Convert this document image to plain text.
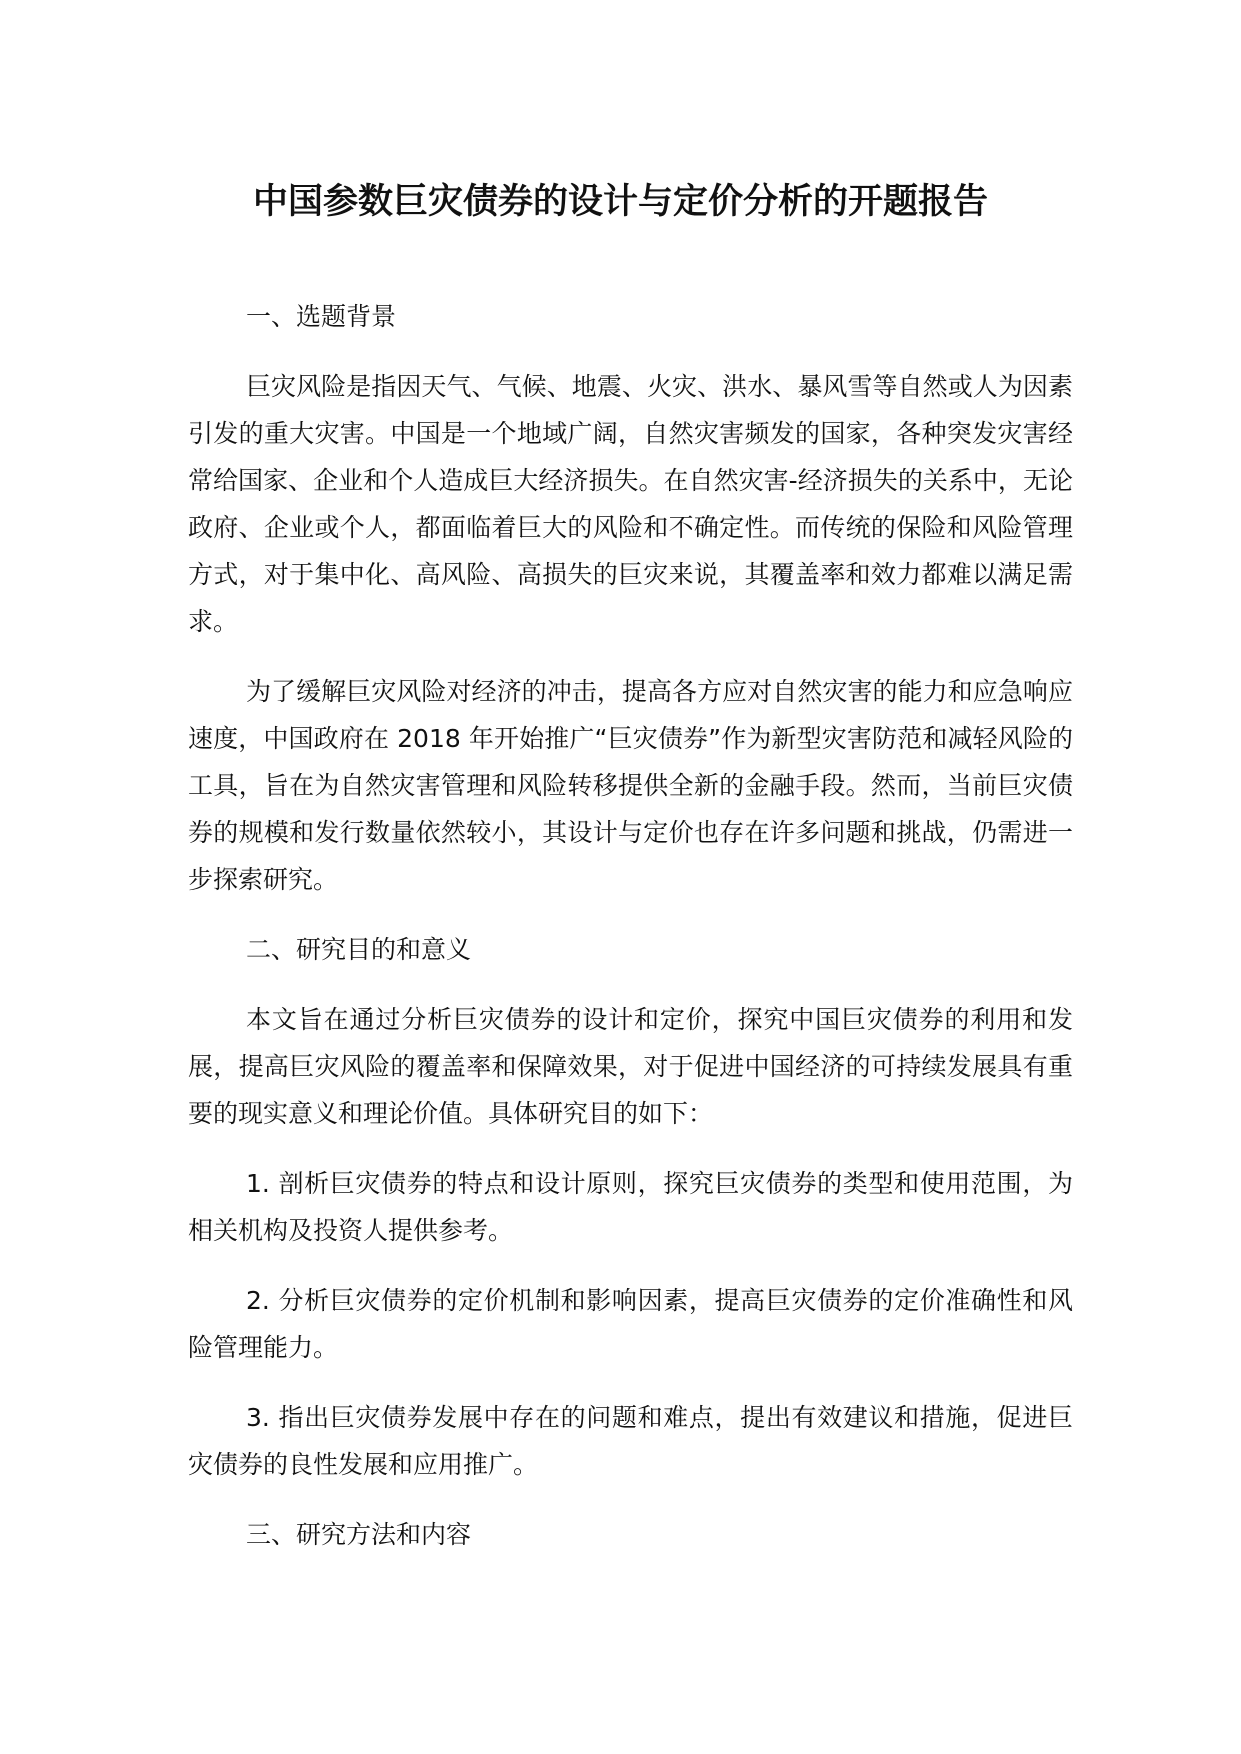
中国参数巨灾债券的设计与定价分析的开题报告

一、选题背景

巨灾风险是指因天气、气候、地震、火灾、洪水、暴风雪等自然或人为因素引发的重大灾害。中国是一个地域广阔，自然灾害频发的国家，各种突发灾害经常给国家、企业和个人造成巨大经济损失。在自然灾害-经济损失的关系中，无论政府、企业或个人，都面临着巨大的风险和不确定性。而传统的保险和风险管理方式，对于集中化、高风险、高损失的巨灾来说，其覆盖率和效力都难以满足需求。

为了缓解巨灾风险对经济的冲击，提高各方应对自然灾害的能力和应急响应速度，中国政府在 2018 年开始推广“巨灾债券”作为新型灾害防范和减轻风险的工具，旨在为自然灾害管理和风险转移提供全新的金融手段。然而，当前巨灾债券的规模和发行数量依然较小，其设计与定价也存在许多问题和挑战，仍需进一步探索研究。

二、研究目的和意义

本文旨在通过分析巨灾债券的设计和定价，探究中国巨灾债券的利用和发展，提高巨灾风险的覆盖率和保障效果，对于促进中国经济的可持续发展具有重要的现实意义和理论价值。具体研究目的如下：

1. 剖析巨灾债券的特点和设计原则，探究巨灾债券的类型和使用范围，为相关机构及投资人提供参考。

2. 分析巨灾债券的定价机制和影响因素，提高巨灾债券的定价准确性和风险管理能力。

3. 指出巨灾债券发展中存在的问题和难点，提出有效建议和措施，促进巨灾债券的良性发展和应用推广。

三、研究方法和内容
